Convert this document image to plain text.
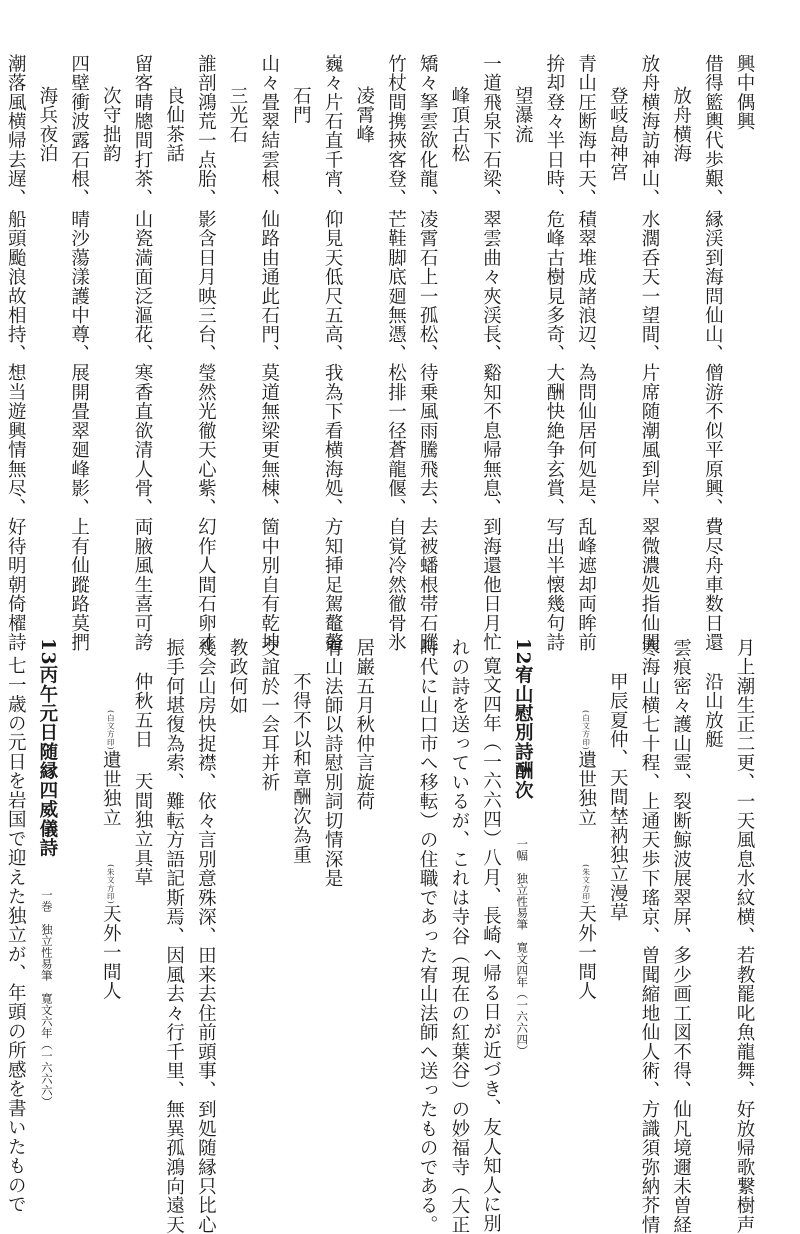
興中偶興
借得籃輿代歩艱、縁渓到海問仙山、僧游不似平原興、費尽舟車数日還
放舟横海
放舟横海訪神山、水濶呑天一望間、片席随潮風到岸、翠微濃処指仙関
登岐島神宮
青山圧断海中天、積翠堆成諸浪辺、為問仙居何処是、乱峰遮却両眸前
拚却登々半日時、危峰古樹見多奇、大酬快絶争玄賞、写出半懐幾句詩
望瀑流
一道飛泉下石梁、翠雲曲々夾渓長、谿知不息帰無息、到海還他日月忙
峰頂古松
矯々拏雲欲化龍、凌霄石上一孤松、待乗風雨騰飛去、去被蟠根帯石蹤
竹杖間携挾客登、芒鞋脚底廻無憑、松排一径蒼龍偃、自覚冷然徹骨氷
凌霄峰
巍々片石直千宵、仰見天低尺五高、我為下看横海処、方知挿足駕鼇鼇
石門
山々畳翠結雲根、仙路由通此石門、莫道無梁更無棟、箇中別自有乾坤
三光石
誰剖鴻荒一点胎、影含日月映三台、瑩然光徹天心紫、幻作人間石卵才
良仙茶話
留客晴牕間打茶、山瓷満面泛漚花、寒香直欲清人骨、両腋風生喜可誇
次守拙韵
四壁衝波露石根、晴沙蕩漾護中尊、展開畳翠廻峰影、上有仙蹤路莫捫
海兵夜泊
潮落風横帰去遅、船頭颱浪故相持、想当遊興情無尽、好待明朝倚櫂詩
月上潮生正二更、一天風息水紋横、若教罷叱魚龍舞、好放帰歌繋樹声
沿山放艇
雲痕密々護山霊、裂断鯨波展翠屏、多少画工図不得、仙凡境邇未曽経
寒海山横七十程、上通天歩下瑤京、曽聞縮地仙人術、方識須弥納芥情
甲辰夏仲、天間埜衲独立漫草
(白文方印)遺世独立(朱文方印)天外一間人
12宥山慰別詩酬次一幅　独立性易筆　寛文四年（一六六四）
寛文四年（一六六四）八月、長崎へ帰る日が近づき、友人知人に別
れの詩を送っているが、これは寺谷（現在の紅葉谷）の妙福寺（大正
時代に山口市へ移転）の住職であった宥山法師へ送ったものである。
居巌五月秋仲言旋荷
宥山法師以詩慰別詞切情深是
不得不以和章酬次為重
交誼於一会耳并祈
教政何如
幾会山房快捉襟、依々言別意殊深、田来去住前頭事、到処随縁只比心
振手何堪復為索、難転方語記斯焉、因風去々行千里、無異孤鴻向遠天
仲秋五日天間独立具草
(白文方印)遺世独立(朱文方印)天外一間人
13丙午元日随縁四威儀詩一巻　独立性易筆　寛文六年（一六六六）
七一歳の元日を岩国で迎えた独立が、年頭の所感を書いたもので
